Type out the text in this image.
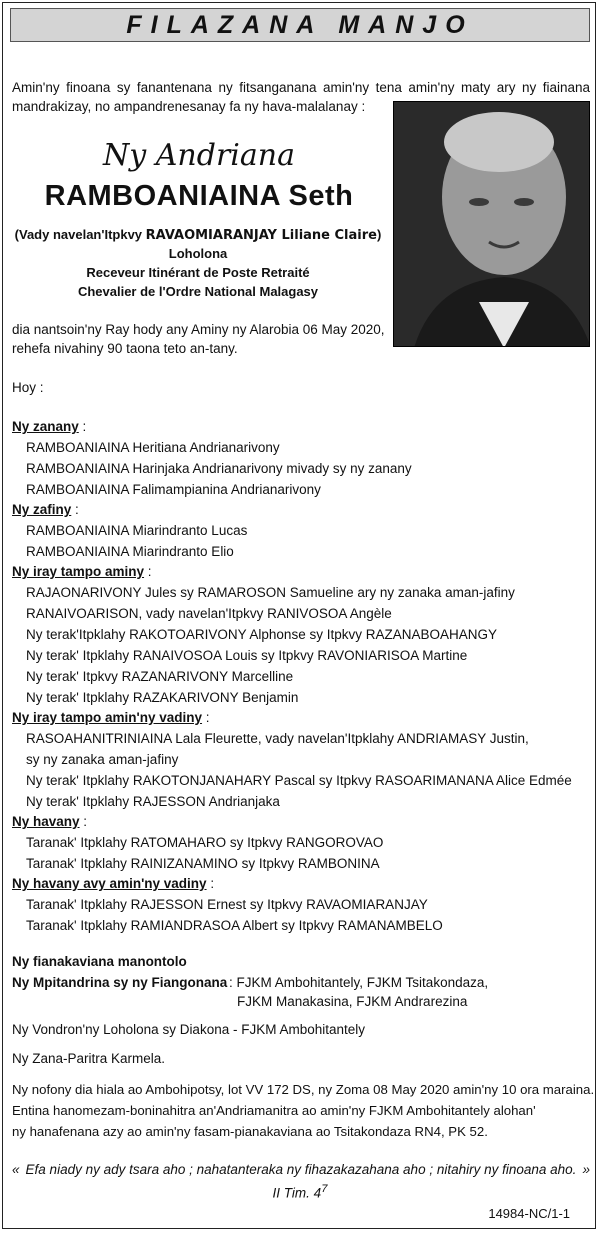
FILAZANA MANJO
Amin'ny finoana sy fanantenana ny fitsanganana amin'ny tena amin'ny maty ary ny fiainana mandrakizay, no ampandrenesanay fa ny hava-malalanay :
Ny Andriana
RAMBOANIAINA Seth
(Vady navelan'Itpkvy RAVAOMIARANJAY Liliane Claire)
Loholona
Receveur Itinérant de Poste Retraité
Chevalier de l'Ordre National Malagasy
dia nantsoin'ny Ray hody any Aminy ny Alarobia 06 May 2020,
rehefa nivahiny 90 taona teto an-tany.
Hoy :
Ny zanany :
RAMBOANIAINA Heritiana Andrianarivony
RAMBOANIAINA Harinjaka Andrianarivony mivady sy ny zanany
RAMBOANIAINA Falimampianina Andrianarivony
Ny zafiny :
RAMBOANIAINA Miarindranto Lucas
RAMBOANIAINA Miarindranto Elio
Ny iray tampo aminy :
RAJAONARIVONY Jules sy RAMAROSON Samueline ary ny zanaka aman-jafiny
RANAIVOARISON, vady navelan'Itpkvy RANIVOSOA Angèle
Ny terak'Itpklahy RAKOTOARIVONY Alphonse sy Itpkvy RAZANABOAHANGY
Ny terak' Itpklahy RANAIVOSOA Louis sy Itpkvy RAVONIARISOA Martine
Ny terak' Itpkvy RAZANARIVONY Marcelline
Ny terak' Itpklahy RAZAKARIVONY Benjamin
Ny iray tampo amin'ny vadiny :
RASOAHANITRINIAINA Lala Fleurette, vady navelan'Itpklahy ANDRIAMASY Justin,
sy ny zanaka aman-jafiny
Ny terak' Itpklahy RAKOTONJANAHARY Pascal sy Itpkvy RASOARIMANANA Alice Edmée
Ny terak' Itpklahy RAJESSON Andrianjaka
Ny havany :
Taranak' Itpklahy RATOMAHARO sy Itpkvy RANGOROVAO
Taranak' Itpklahy RAINIZANAMINO sy Itpkvy RAMBONINA
Ny havany avy amin'ny vadiny :
Taranak' Itpklahy RAJESSON Ernest sy Itpkvy RAVAOMIARANJAY
Taranak' Itpklahy RAMIANDRASOA Albert sy Itpkvy RAMANAMBELO
Ny fianakaviana manontolo
Ny Mpitandrina sy ny Fiangonana : FJKM Ambohitantely, FJKM Tsitakondaza,
FJKM Manakasina, FJKM Andrarezina
Ny Vondron'ny Loholona sy Diakona - FJKM Ambohitantely
Ny Zana-Paritra Karmela.
Ny nofony dia hiala ao Ambohipotsy, lot VV 172 DS, ny Zoma 08 May 2020 amin'ny 10 ora maraina.
Entina hanomezam-boninahitra an'Andriamanitra ao amin'ny FJKM Ambohitantely alohan'
ny hanafenana azy ao amin'ny fasam-pianakaviana ao Tsitakondaza RN4, PK 52.
« Efa niady ny ady tsara aho ; nahatanteraka ny fihazakazahana aho ; nitahiry ny finoana aho. »
II Tim. $4^7$
14984-NC/1-1
